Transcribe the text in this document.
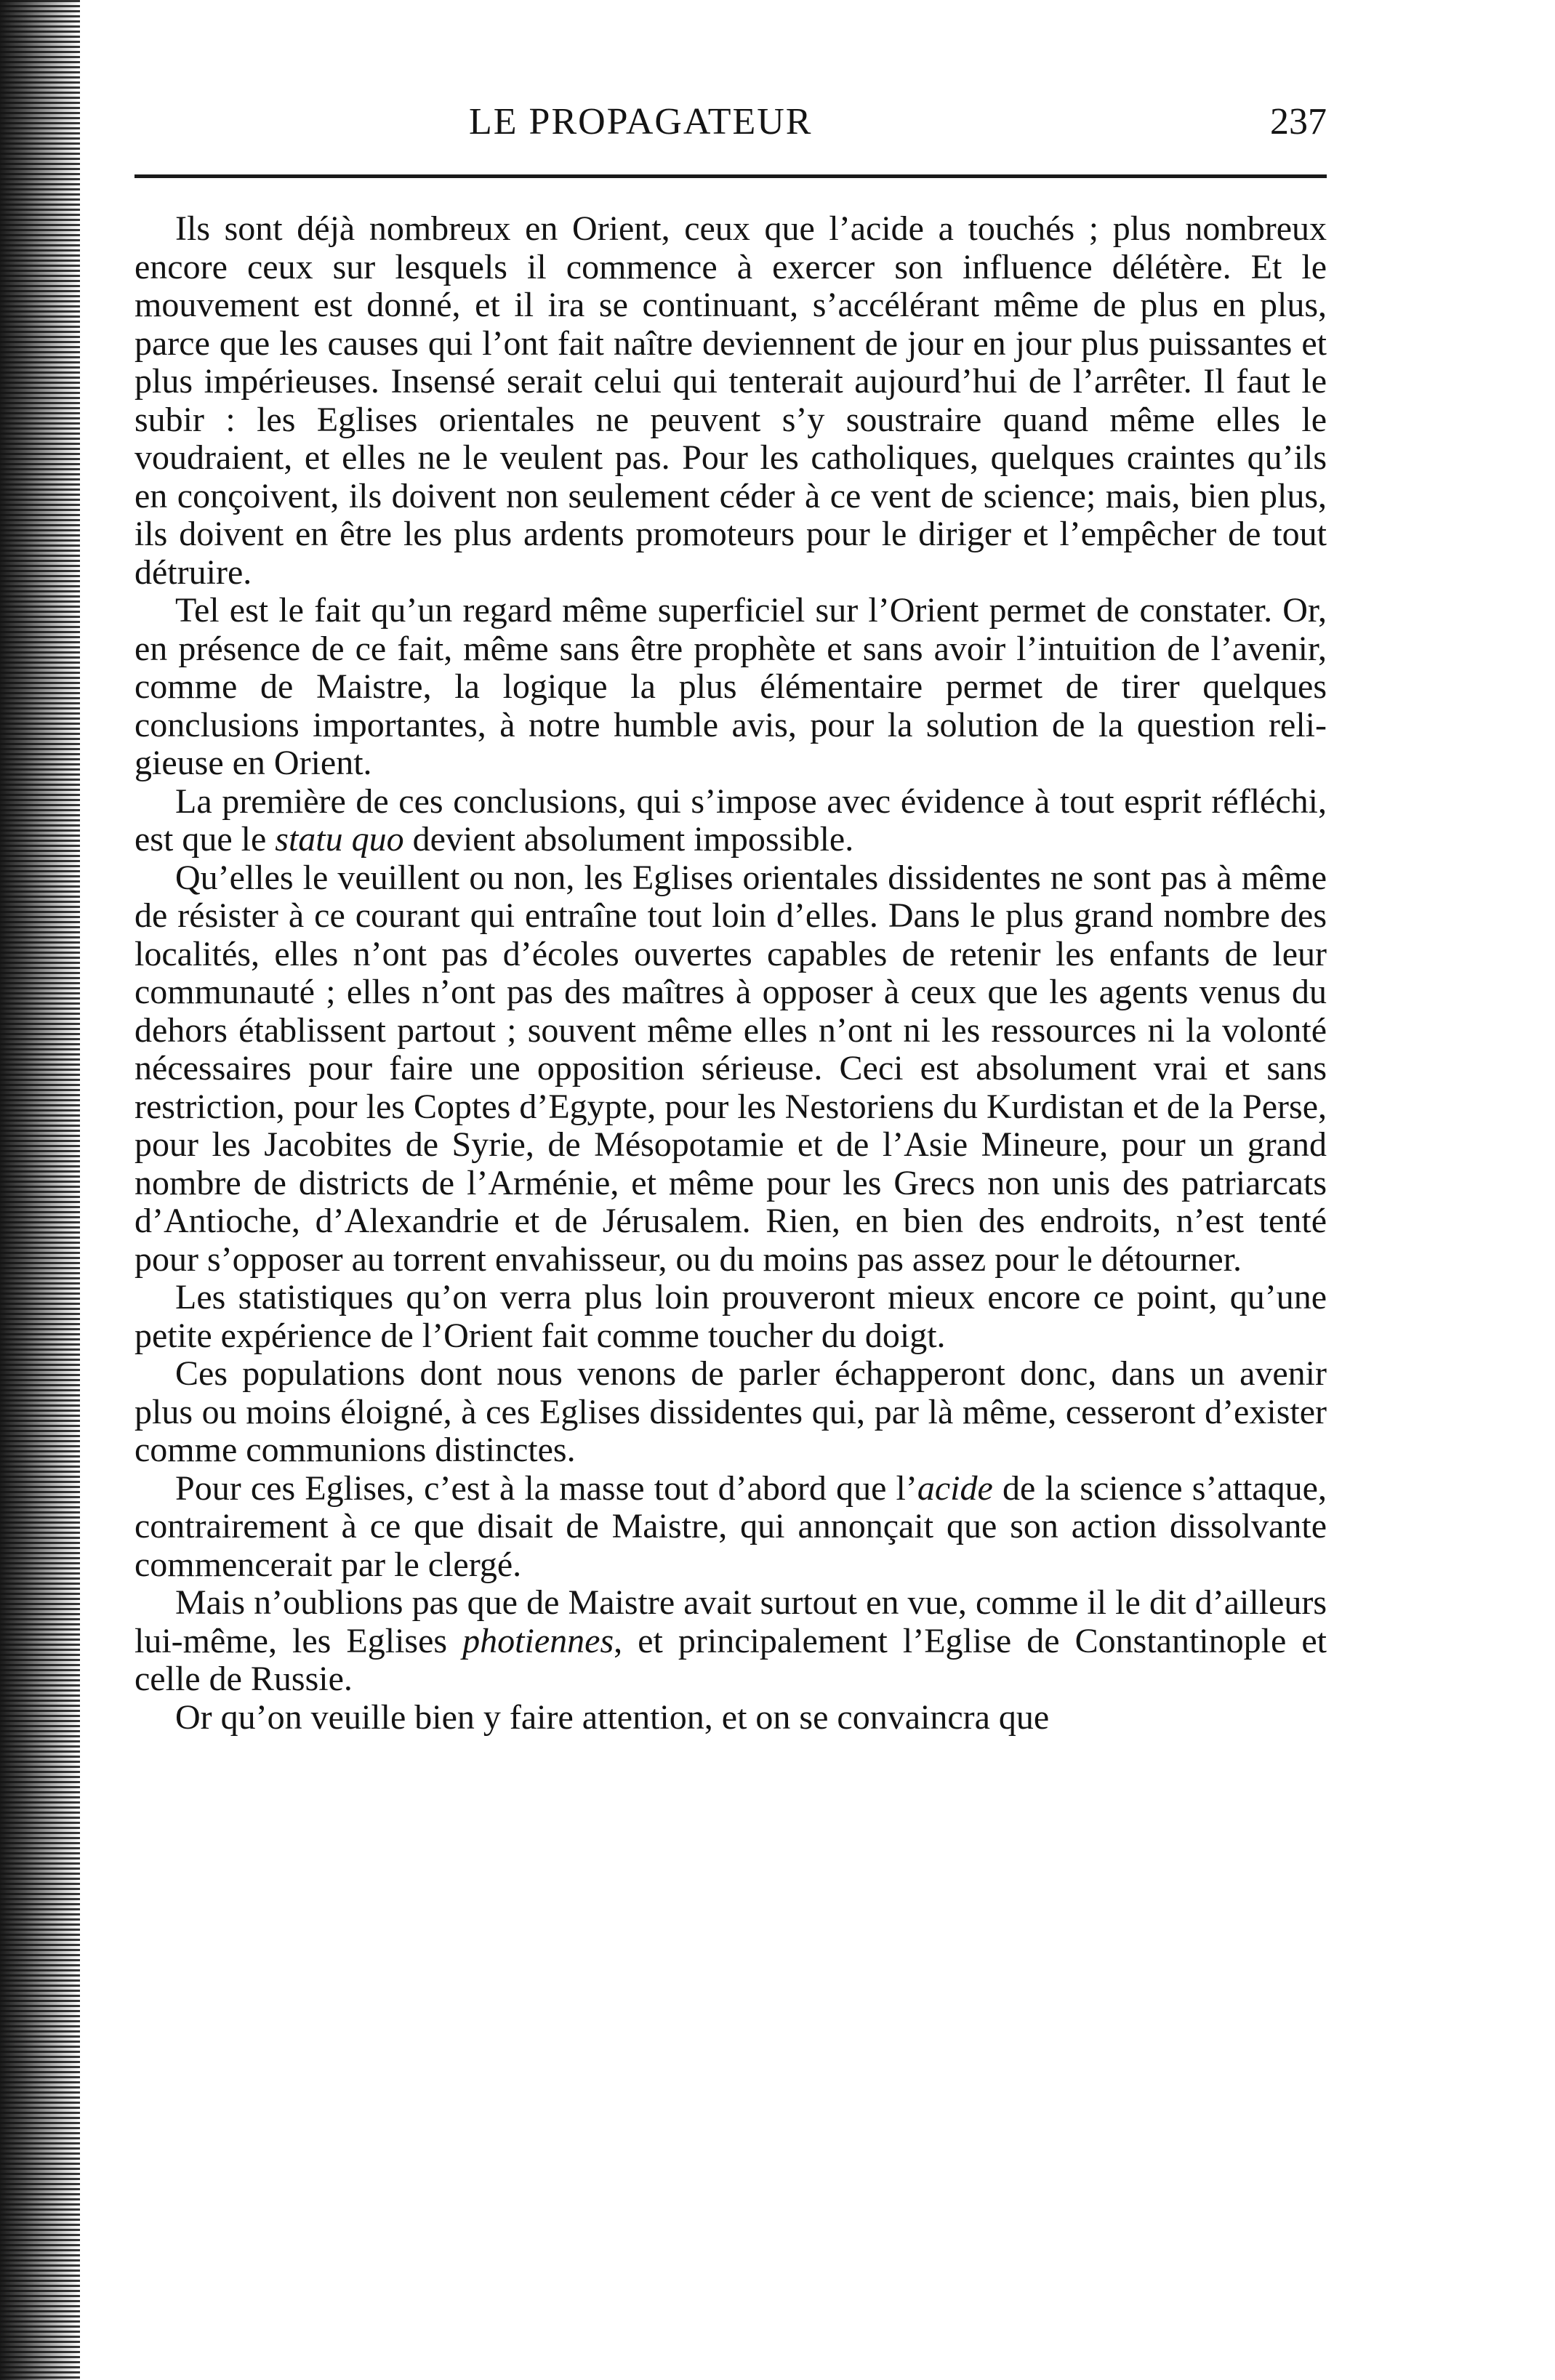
LE PROPAGATEUR	237

Ils sont déjà nombreux en Orient, ceux que l’acide a touchés ; plus nombreux encore ceux sur lesquels il commence à exercer son influence délétère. Et le mouvement est donné, et il ira se continuant, s’accélérant même de plus en plus, parce que les causes qui l’ont fait naître deviennent de jour en jour plus puissantes et plus impérieuses. Insensé serait celui qui tenterait aujourd’hui de l’arrêter. Il faut le subir : les Eglises orientales ne peuvent s’y soustraire quand même elles le voudraient, et elles ne le veulent pas. Pour les catholiques, quelques craintes qu’ils en conçoivent, ils doivent non seulement céder à ce vent de science; mais, bien plus, ils doivent en être les plus ardents promoteurs pour le diriger et l’empêcher de tout détruire.

Tel est le fait qu’un regard même superficiel sur l’Orient permet de constater. Or, en présence de ce fait, même sans être prophète et sans avoir l’intuition de l’avenir, comme de Maistre, la logique la plus élémentaire permet de tirer quelques conclusions importantes, à notre humble avis, pour la solution de la question religieuse en Orient.

La première de ces conclusions, qui s’impose avec évidence à tout esprit réfléchi, est que le statu quo devient absolument impossible.

Qu’elles le veuillent ou non, les Eglises orientales dissidentes ne sont pas à même de résister à ce courant qui entraîne tout loin d’elles. Dans le plus grand nombre des localités, elles n’ont pas d’écoles ouvertes capables de retenir les enfants de leur communauté ; elles n’ont pas des maîtres à opposer à ceux que les agents venus du dehors établissent partout ; souvent même elles n’ont ni les ressources ni la volonté nécessaires pour faire une opposition sérieuse. Ceci est absolument vrai et sans restriction, pour les Coptes d’Egypte, pour les Nestoriens du Kurdistan et de la Perse, pour les Jacobites de Syrie, de Mésopotamie et de l’Asie Mineure, pour un grand nombre de districts de l’Arménie, et même pour les Grecs non unis des patriarcats d’Antioche, d’Alexandrie et de Jérusalem. Rien, en bien des endroits, n’est tenté pour s’opposer au torrent envahisseur, ou du moins pas assez pour le détourner.

Les statistiques qu’on verra plus loin prouveront mieux encore ce point, qu’une petite expérience de l’Orient fait comme toucher du doigt.

Ces populations dont nous venons de parler échapperont donc, dans un avenir plus ou moins éloigné, à ces Eglises dissidentes qui, par là même, cesseront d’exister comme communions distinctes.

Pour ces Eglises, c’est à la masse tout d’abord que l’acide de la science s’attaque, contrairement à ce que disait de Maistre, qui annonçait que son action dissolvante commencerait par le clergé.

Mais n’oublions pas que de Maistre avait surtout en vue, comme il le dit d’ailleurs lui-même, les Eglises photiennes, et principalement l’Eglise de Constantinople et celle de Russie.

Or qu’on veuille bien y faire attention, et on se convaincra que
